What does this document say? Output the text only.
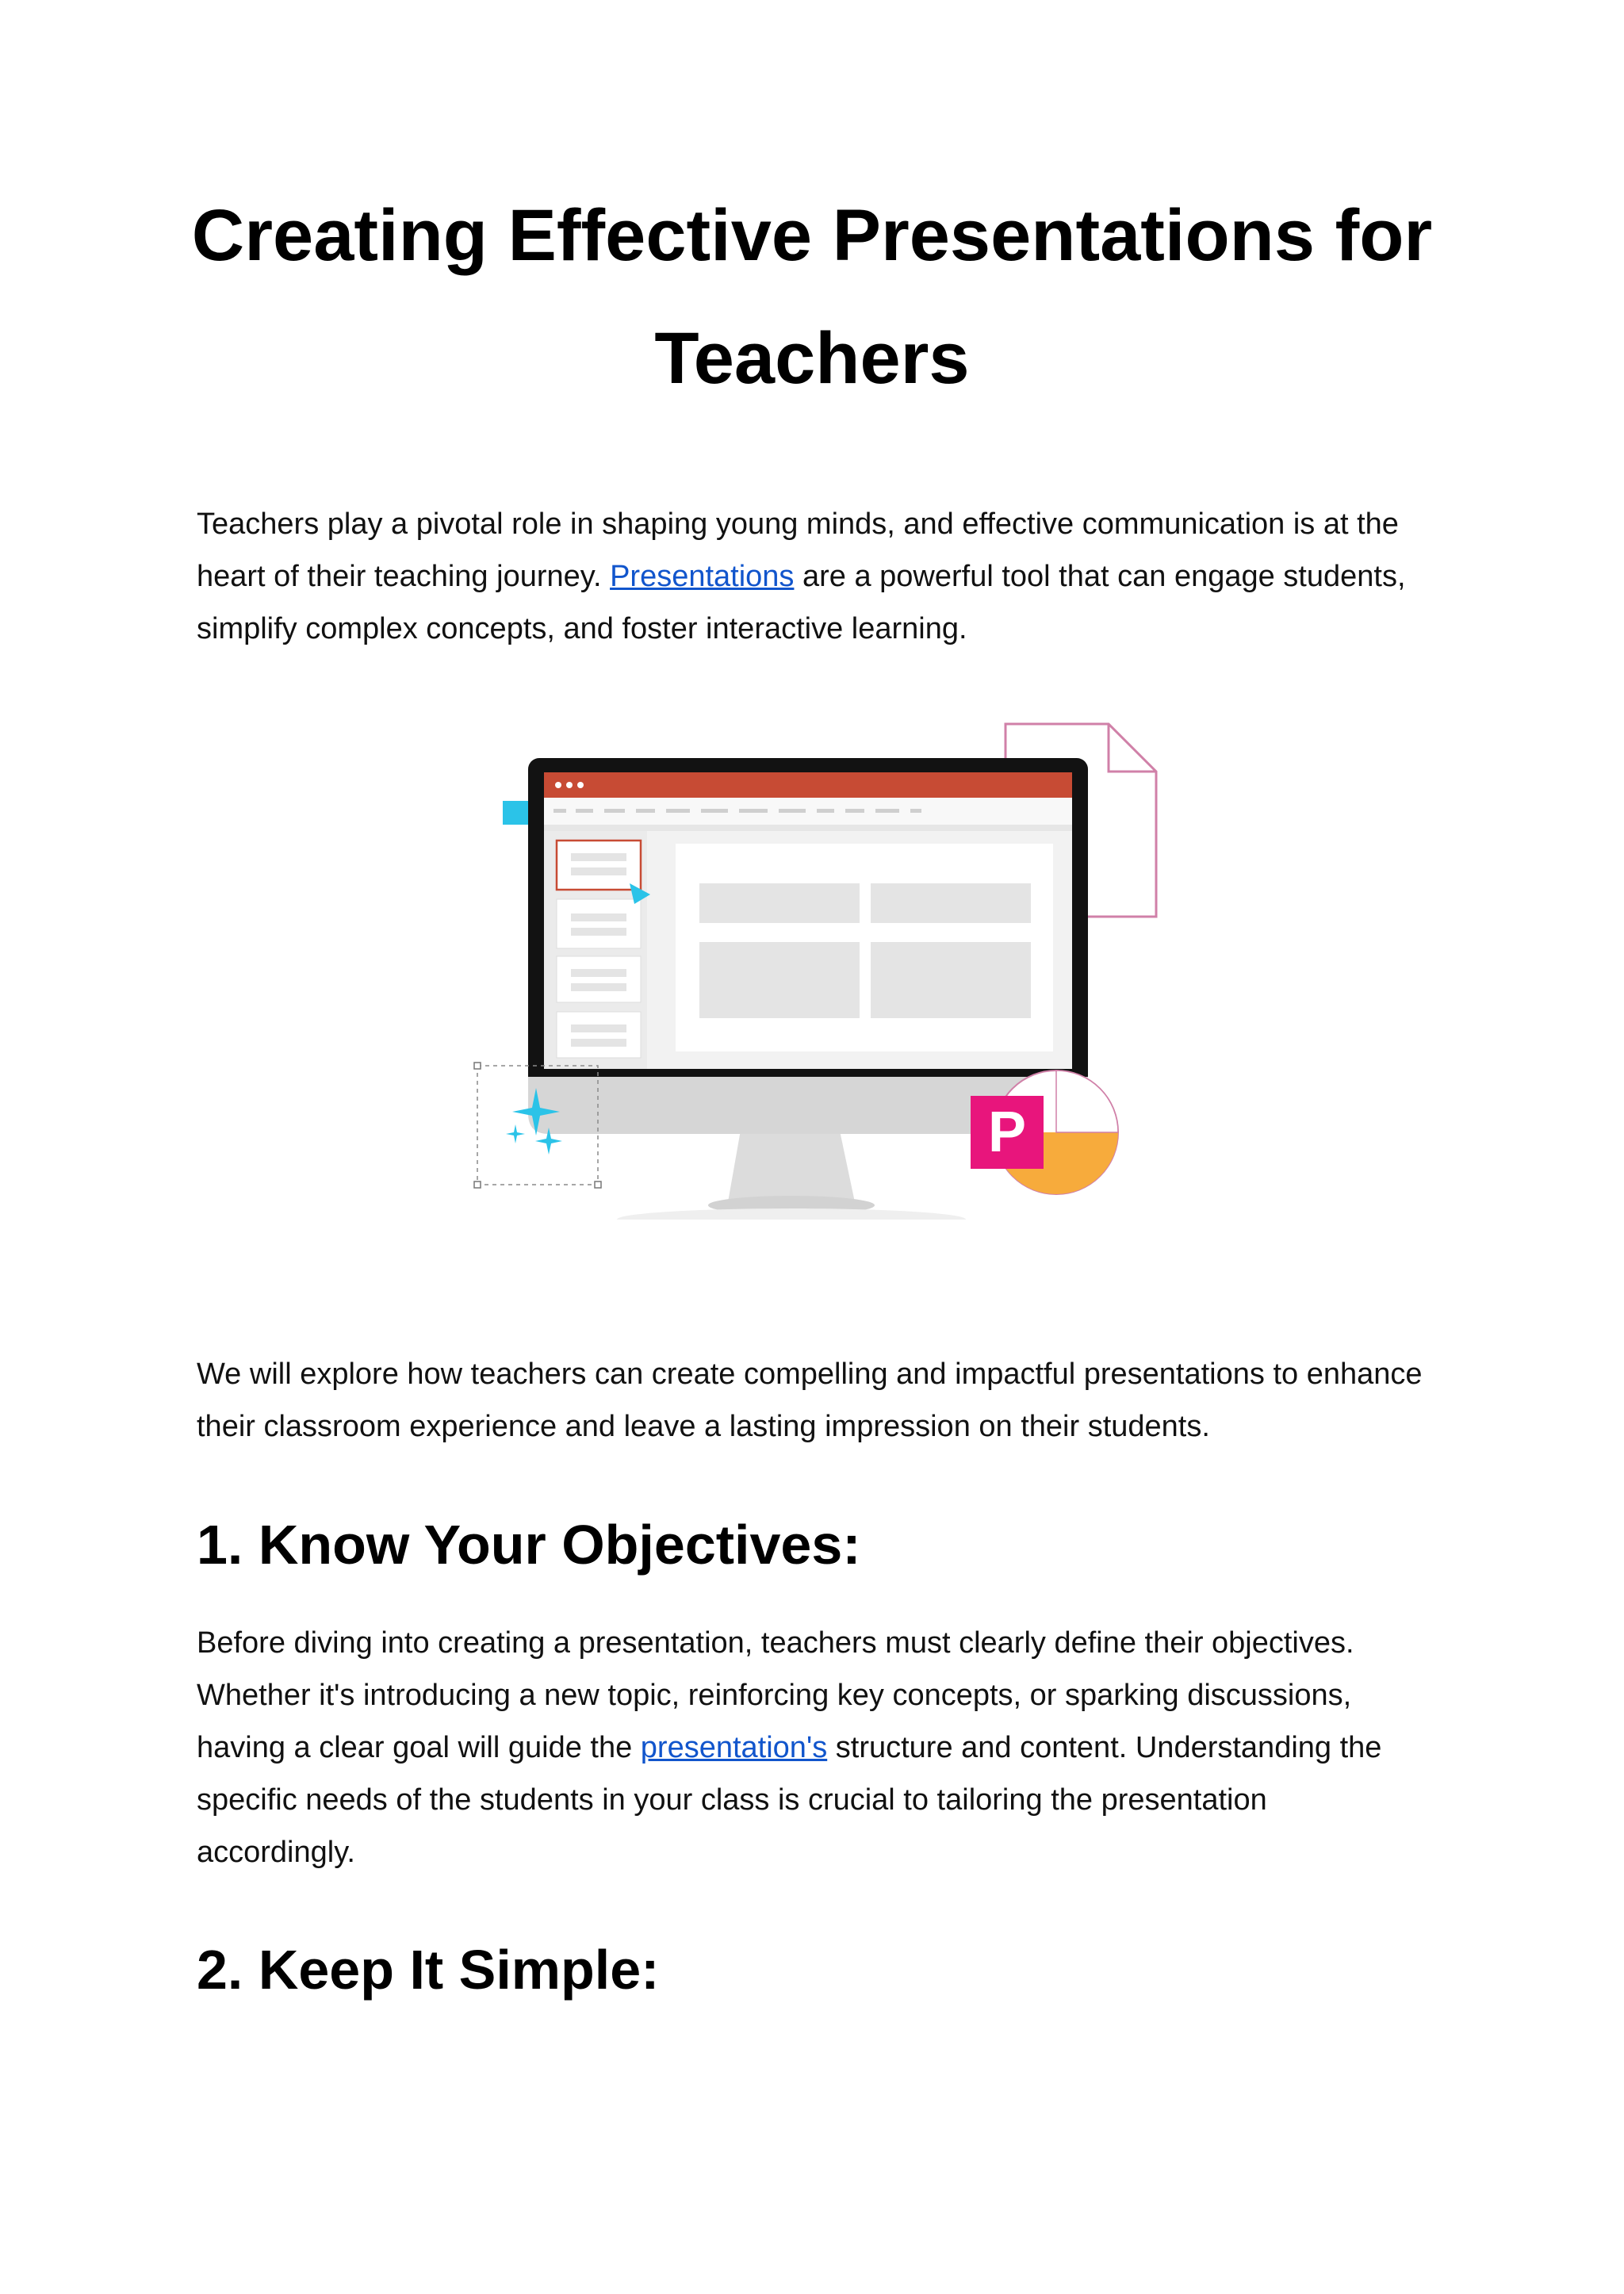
Creating Effective Presentations for Teachers

Teachers play a pivotal role in shaping young minds, and effective communication is at the heart of their teaching journey. Presentations are a powerful tool that can engage students, simplify complex concepts, and foster interactive learning.

P

We will explore how teachers can create compelling and impactful presentations to enhance their classroom experience and leave a lasting impression on their students.

1. Know Your Objectives:

Before diving into creating a presentation, teachers must clearly define their objectives. Whether it's introducing a new topic, reinforcing key concepts, or sparking discussions, having a clear goal will guide the presentation's structure and content. Understanding the specific needs of the students in your class is crucial to tailoring the presentation accordingly.

2. Keep It Simple:
